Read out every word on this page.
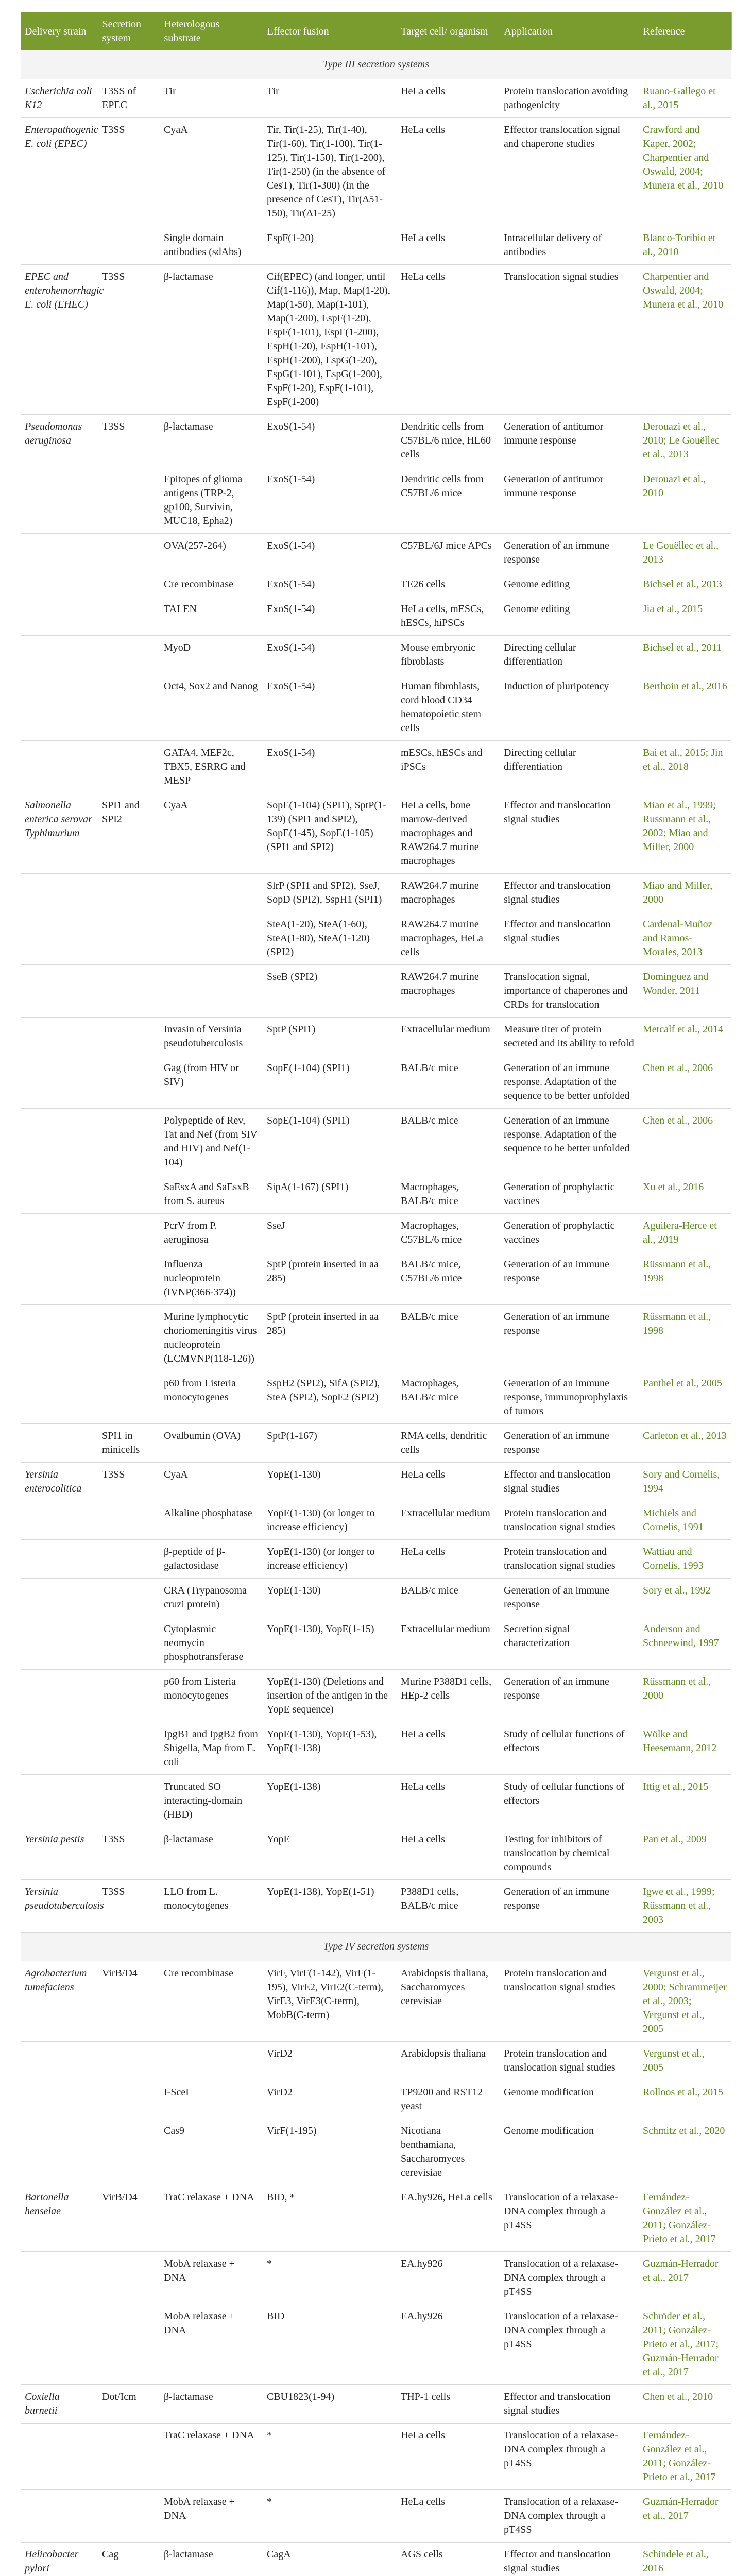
Delivery strain	Secretion system	Heterologous substrate	Effector fusion	Target cell/ organism	Application	Reference
Type III secretion systems						
Escherichia coli K12	T3SS of EPEC	Tir	Tir	HeLa cells	Protein translocation avoiding pathogenicity	Ruano-Gallego et al., 2015
Enteropathogenic E. coli (EPEC)	T3SS	CyaA	Tir, Tir(1-25), Tir(1-40), Tir(1-60), Tir(1-100), Tir(1-125), Tir(1-150), Tir(1-200), Tir(1-250) (in the absence of CesT), Tir(1-300) (in the presence of CesT), Tir(Δ51-150), Tir(Δ1-25)	HeLa cells	Effector translocation signal and chaperone studies	Crawford and Kaper, 2002; Charpentier and Oswald, 2004; Munera et al., 2010
		Single domain antibodies (sdAbs)	EspF(1-20)	HeLa cells	Intracellular delivery of antibodies	Blanco-Toribio et al., 2010
EPEC and enterohemorrhagic E. coli (EHEC)	T3SS	β-lactamase	Cif(EPEC) (and longer, until Cif(1-116)), Map, Map(1-20), Map(1-50), Map(1-101), Map(1-200), EspF(1-20), EspF(1-101), EspF(1-200), EspH(1-20), EspH(1-101), EspH(1-200), EspG(1-20), EspG(1-101), EspG(1-200), EspF(1-20), EspF(1-101), EspF(1-200)	HeLa cells	Translocation signal studies	Charpentier and Oswald, 2004; Munera et al., 2010
Pseudomonas aeruginosa	T3SS	β-lactamase	ExoS(1-54)	Dendritic cells from C57BL/6 mice, HL60 cells	Generation of antitumor immune response	Derouazi et al., 2010; Le Gouëllec et al., 2013
		Epitopes of glioma antigens (TRP-2, gp100, Survivin, MUC18, Epha2)	ExoS(1-54)	Dendritic cells from C57BL/6 mice	Generation of antitumor immune response	Derouazi et al., 2010
		OVA(257-264)	ExoS(1-54)	C57BL/6J mice APCs	Generation of an immune response	Le Gouëllec et al., 2013
		Cre recombinase	ExoS(1-54)	TE26 cells	Genome editing	Bichsel et al., 2013
		TALEN	ExoS(1-54)	HeLa cells, mESCs, hESCs, hiPSCs	Genome editing	Jia et al., 2015
		MyoD	ExoS(1-54)	Mouse embryonic fibroblasts	Directing cellular differentiation	Bichsel et al., 2011
		Oct4, Sox2 and Nanog	ExoS(1-54)	Human fibroblasts, cord blood CD34+ hematopoietic stem cells	Induction of pluripotency	Berthoin et al., 2016
		GATA4, MEF2c, TBX5, ESRRG and MESP	ExoS(1-54)	mESCs, hESCs and iPSCs	Directing cellular differentiation	Bai et al., 2015; Jin et al., 2018
Salmonella enterica serovar Typhimurium	SPI1 and SPI2	CyaA	SopE(1-104) (SPI1), SptP(1-139) (SPI1 and SPI2), SopE(1-45), SopE(1-105) (SPI1 and SPI2)	HeLa cells, bone marrow-derived macrophages and RAW264.7 murine macrophages	Effector and translocation signal studies	Miao et al., 1999; Russmann et al., 2002; Miao and Miller, 2000
			SlrP (SPI1 and SPI2), SseJ, SopD (SPI2), SspH1 (SPI1)	RAW264.7 murine macrophages	Effector and translocation signal studies	Miao and Miller, 2000
			SteA(1-20), SteA(1-60), SteA(1-80), SteA(1-120) (SPI2)	RAW264.7 murine macrophages, HeLa cells	Effector and translocation signal studies	Cardenal-Muñoz and Ramos-Morales, 2013
			SseB (SPI2)	RAW264.7 murine macrophages	Translocation signal, importance of chaperones and CRDs for translocation	Dominguez and Wonder, 2011
		Invasin of Yersinia pseudotuberculosis	SptP (SPI1)	Extracellular medium	Measure titer of protein secreted and its ability to refold	Metcalf et al., 2014
		Gag (from HIV or SIV)	SopE(1-104) (SPI1)	BALB/c mice	Generation of an immune response. Adaptation of the sequence to be better unfolded	Chen et al., 2006
		Polypeptide of Rev, Tat and Nef (from SIV and HIV) and Nef(1-104)	SopE(1-104) (SPI1)	BALB/c mice	Generation of an immune response. Adaptation of the sequence to be better unfolded	Chen et al., 2006
		SaEsxA and SaEsxB from S. aureus	SipA(1-167) (SPI1)	Macrophages, BALB/c mice	Generation of prophylactic vaccines	Xu et al., 2016
		PcrV from P. aeruginosa	SseJ	Macrophages, C57BL/6 mice	Generation of prophylactic vaccines	Aguilera-Herce et al., 2019
		Influenza nucleoprotein (IVNP(366-374))	SptP (protein inserted in aa 285)	BALB/c mice, C57BL/6 mice	Generation of an immune response	Rüssmann et al., 1998
		Murine lymphocytic choriomeningitis virus nucleoprotein (LCMVNP(118-126))	SptP (protein inserted in aa 285)	BALB/c mice	Generation of an immune response	Rüssmann et al., 1998
		p60 from Listeria monocytogenes	SspH2 (SPI2), SifA (SPI2), SteA (SPI2), SopE2 (SPI2)	Macrophages, BALB/c mice	Generation of an immune response, immunoprophylaxis of tumors	Panthel et al., 2005
	SPI1 in minicells	Ovalbumin (OVA)	SptP(1-167)	RMA cells, dendritic cells	Generation of an immune response	Carleton et al., 2013
Yersinia enterocolitica	T3SS	CyaA	YopE(1-130)	HeLa cells	Effector and translocation signal studies	Sory and Cornelis, 1994
		Alkaline phosphatase	YopE(1-130) (or longer to increase efficiency)	Extracellular medium	Protein translocation and translocation signal studies	Michiels and Cornelis, 1991
		β-peptide of β-galactosidase	YopE(1-130) (or longer to increase efficiency)	HeLa cells	Protein translocation and translocation signal studies	Wattiau and Cornelis, 1993
		CRA (Trypanosoma cruzi protein)	YopE(1-130)	BALB/c mice	Generation of an immune response	Sory et al., 1992
		Cytoplasmic neomycin phosphotransferase	YopE(1-130), YopE(1-15)	Extracellular medium	Secretion signal characterization	Anderson and Schneewind, 1997
		p60 from Listeria monocytogenes	YopE(1-130) (Deletions and insertion of the antigen in the YopE sequence)	Murine P388D1 cells, HEp-2 cells	Generation of an immune response	Rüssmann et al., 2000
		IpgB1 and IpgB2 from Shigella, Map from E. coli	YopE(1-130), YopE(1-53), YopE(1-138)	HeLa cells	Study of cellular functions of effectors	Wölke and Heesemann, 2012
		Truncated SO interacting-domain (HBD)	YopE(1-138)	HeLa cells	Study of cellular functions of effectors	Ittig et al., 2015
Yersinia pestis	T3SS	β-lactamase	YopE	HeLa cells	Testing for inhibitors of translocation by chemical compounds	Pan et al., 2009
Yersinia pseudotuberculosis	T3SS	LLO from L. monocytogenes	YopE(1-138), YopE(1-51)	P388D1 cells, BALB/c mice	Generation of an immune response	Igwe et al., 1999; Rüssmann et al., 2003
Type IV secretion systems						
Agrobacterium tumefaciens	VirB/D4	Cre recombinase	VirF, VirF(1-142), VirF(1-195), VirE2, VirE2(C-term), VirE3, VirE3(C-term), MobB(C-term)	Arabidopsis thaliana, Saccharomyces cerevisiae	Protein translocation and translocation signal studies	Vergunst et al., 2000; Schrammeijer et al., 2003; Vergunst et al., 2005
			VirD2	Arabidopsis thaliana	Protein translocation and translocation signal studies	Vergunst et al., 2005
		I-SceI	VirD2	TP9200 and RST12 yeast	Genome modification	Rolloos et al., 2015
		Cas9	VirF(1-195)	Nicotiana benthamiana, Saccharomyces cerevisiae	Genome modification	Schmitz et al., 2020
Bartonella henselae	VirB/D4	TraC relaxase + DNA	BID, *	EA.hy926, HeLa cells	Translocation of a relaxase-DNA complex through a pT4SS	Fernández-González et al., 2011; González-Prieto et al., 2017
		MobA relaxase + DNA	*	EA.hy926	Translocation of a relaxase-DNA complex through a pT4SS	Guzmán-Herrador et al., 2017
		MobA relaxase + DNA	BID	EA.hy926	Translocation of a relaxase-DNA complex through a pT4SS	Schröder et al., 2011; González-Prieto et al., 2017; Guzmán-Herrador et al., 2017
Coxiella burnetii	Dot/Icm	β-lactamase	CBU1823(1-94)	THP-1 cells	Effector and translocation signal studies	Chen et al., 2010
		TraC relaxase + DNA	*	HeLa cells	Translocation of a relaxase-DNA complex through a pT4SS	Fernández-González et al., 2011; González-Prieto et al., 2017
		MobA relaxase + DNA	*	HeLa cells	Translocation of a relaxase-DNA complex through a pT4SS	Guzmán-Herrador et al., 2017
Helicobacter pylori	Cag	β-lactamase	CagA	AGS cells	Effector and translocation signal studies	Schindele et al., 2016
